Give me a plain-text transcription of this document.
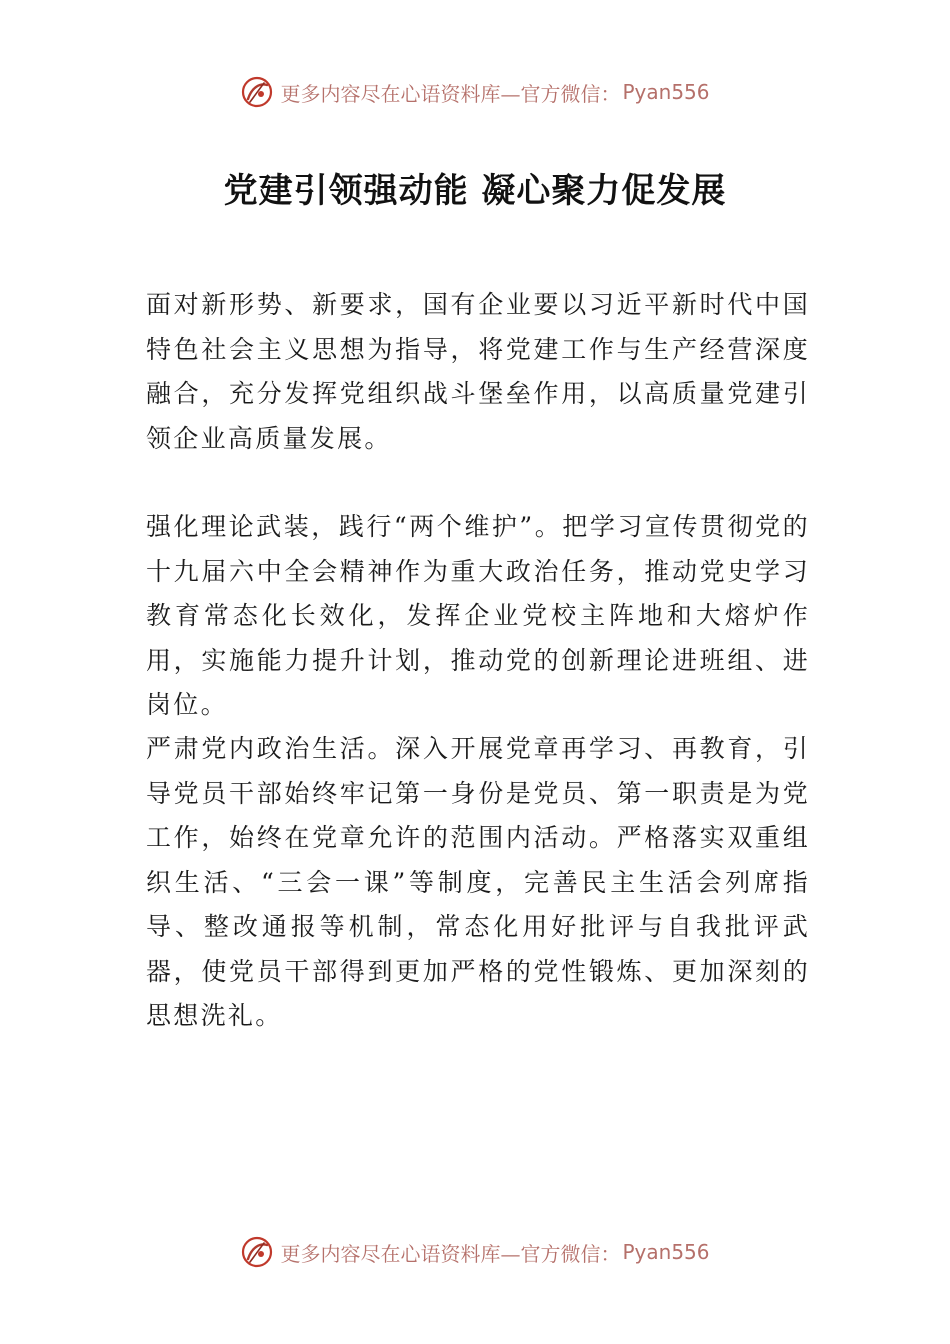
更多内容尽在心语资料库—官方微信： Pyan556
党建引领强动能 凝心聚力促发展

面对新形势、新要求，国有企业要以习近平新时代中国特色社会主义思想为指导，将党建工作与生产经营深度融合，充分发挥党组织战斗堡垒作用，以高质量党建引领企业高质量发展。

强化理论武装，践行“两个维护”。把学习宣传贯彻党的十九届六中全会精神作为重大政治任务，推动党史学习教育常态化长效化，发挥企业党校主阵地和大熔炉作用，实施能力提升计划，推动党的创新理论进班组、进岗位。

严肃党内政治生活。深入开展党章再学习、再教育，引导党员干部始终牢记第一身份是党员、第一职责是为党工作，始终在党章允许的范围内活动。严格落实双重组织生活、“三会一课”等制度，完善民主生活会列席指导、整改通报等机制，常态化用好批评与自我批评武器，使党员干部得到更加严格的党性锻炼、更加深刻的思想洗礼。

更多内容尽在心语资料库—官方微信： Pyan556
